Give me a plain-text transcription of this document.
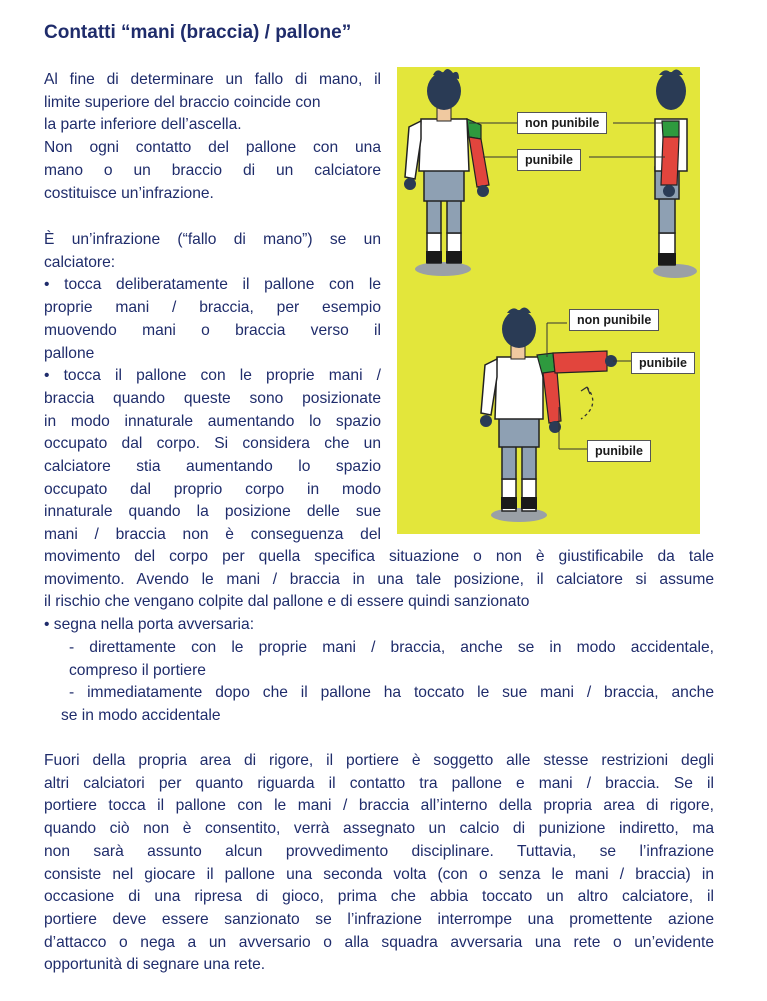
Contatti “mani (braccia) / pallone”
Al fine di determinare un fallo di mano, il
limite superiore del braccio coincide con
la parte inferiore dell’ascella.
Non ogni contatto del pallone con una
mano o un braccio di un calciatore
costituisce un’infrazione.
È un’infrazione (“fallo di mano”) se un
calciatore:
• tocca deliberatamente il pallone con le
proprie mani / braccia, per esempio
muovendo mani o braccia verso il
pallone
• tocca il pallone con le proprie mani /
braccia quando queste sono posizionate
in modo innaturale aumentando lo spazio
occupato dal corpo. Si considera che un
calciatore stia aumentando lo spazio
occupato dal proprio corpo in modo
innaturale quando la posizione delle sue
mani / braccia non è conseguenza del
movimento del corpo per quella specifica situazione o non è giustificabile da tale
movimento. Avendo le mani / braccia in una tale posizione, il calciatore si assume
il rischio che vengano colpite dal pallone e di essere quindi sanzionato
• segna nella porta avversaria:
- direttamente con le proprie mani / braccia, anche se in modo accidentale,
compreso il portiere
- immediatamente dopo che il pallone ha toccato le sue mani / braccia, anche
se in modo accidentale
Fuori della propria area di rigore, il portiere è soggetto alle stesse restrizioni degli
altri calciatori per quanto riguarda il contatto tra pallone e mani / braccia. Se il
portiere tocca il pallone con le mani / braccia all’interno della propria area di rigore,
quando ciò non è consentito, verrà assegnato un calcio di punizione indiretto, ma
non sarà assunto alcun provvedimento disciplinare. Tuttavia, se l’infrazione
consiste nel giocare il pallone una seconda volta (con o senza le mani / braccia) in
occasione di una ripresa di gioco, prima che abbia toccato un altro calciatore, il
portiere deve essere sanzionato se l’infrazione interrompe una promettente azione
d’attacco o nega a un avversario o alla squadra avversaria una rete o un’evidente
opportunità di segnare una rete.
non punibile
punibile
non punibile
punibile
punibile
